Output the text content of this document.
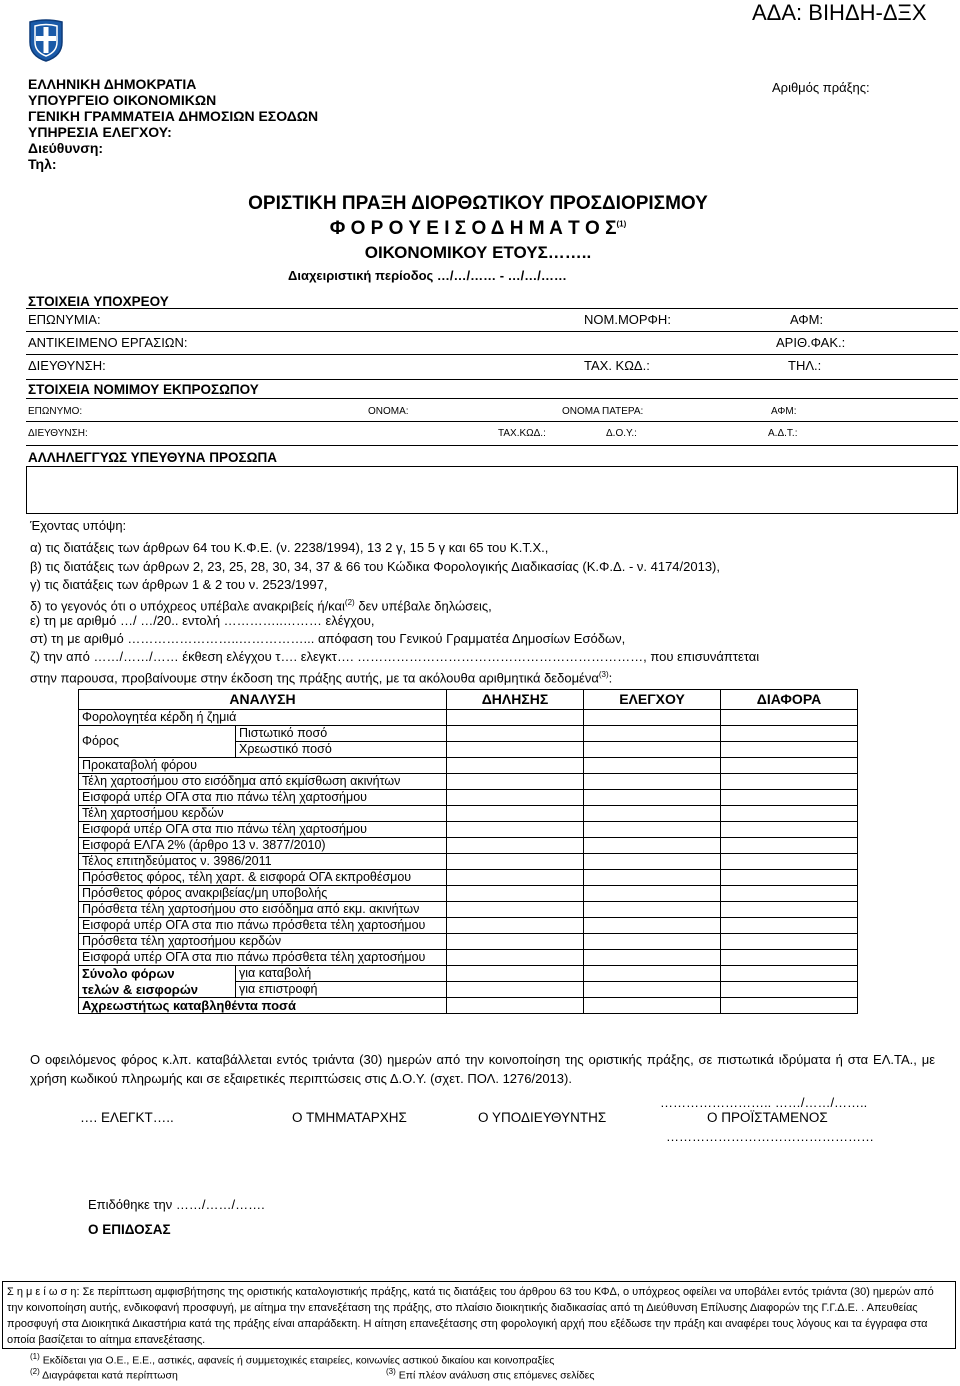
ΑΔΑ: ΒΙΗΔΗ-ΔΞΧ
ΕΛΛΗΝΙΚΗ ΔΗΜΟΚΡΑΤΙΑ
ΥΠΟΥΡΓΕΙΟ ΟΙΚΟΝΟΜΙΚΩΝ
ΓΕΝΙΚΗ ΓΡΑΜΜΑΤΕΙΑ ΔΗΜΟΣΙΩΝ ΕΣΟΔΩΝ
ΥΠΗΡΕΣΙΑ ΕΛΕΓΧΟΥ:
Διεύθυνση:
Τηλ:
Αριθμός πράξης:
ΟΡΙΣΤΙΚΗ ΠΡΑΞΗ ΔΙΟΡΘΩΤΙΚΟΥ ΠΡΟΣΔΙΟΡΙΣΜΟΥ
Φ Ο Ρ Ο Υ Ε Ι Σ Ο Δ Η Μ Α Τ Ο $\Sigma^{(1)}$
ΟΙΚΟΝΟΜΙΚΟΥ ΕΤΟΥΣ……..
Διαχειριστική περίοδος …/…/…… - …/…/……
ΣΤΟΙΧΕΙΑ ΥΠΟΧΡΕΟΥ
ΕΠΩΝΥΜΙΑ:	ΝΟΜ.ΜΟΡΦΗ:	ΑΦΜ:
ΑΝΤΙΚΕΙΜΕΝΟ ΕΡΓΑΣΙΩΝ:	ΑΡΙΘ.ΦΑΚ.:
ΔΙΕΥΘΥΝΣΗ:	ΤΑΧ. ΚΩΔ.:	ΤΗΛ.:
ΣΤΟΙΧΕΙΑ ΝΟΜΙΜΟΥ ΕΚΠΡΟΣΩΠΟΥ
ΕΠΩΝΥΜΟ:	ΟΝΟΜΑ:	ΟΝΟΜΑ ΠΑΤΕΡΑ:	ΑΦΜ:
ΔΙΕΥΘΥΝΣΗ:	ΤΑΧ.ΚΩΔ.:	Δ.Ο.Υ.:	Α.Δ.Τ.:
ΑΛΛΗΛΕΓΓΥΩΣ ΥΠΕΥΘΥΝΑ ΠΡΟΣΩΠΑ
Έχοντας υπόψη:
α) τις διατάξεις των άρθρων 64 του Κ.Φ.Ε. (ν. 2238/1994), 13 2 γ, 15 5 γ και 65 του Κ.Τ.Χ.,
β) τις διατάξεις των άρθρων 2, 23, 25, 28, 30, 34, 37 & 66 του Κώδικα Φορολογικής Διαδικασίας (Κ.Φ.Δ. - ν. 4174/2013),
γ) τις διατάξεις των άρθρων 1 & 2 του ν. 2523/1997,
δ) το γεγονός ότι ο υπόχρεος υπέβαλε ανακριβείς ή/και$^{(2)}$ δεν υπέβαλε δηλώσεις,
ε) τη με αριθμό …/ …/20.. εντολή …………..……… ελέγχου,
στ) τη με αριθμό ……………………..……………... απόφαση του Γενικού Γραμματέα Δημοσίων Εσόδων,
ζ) την από ……/……/…… έκθεση ελέγχου τ…. ελεγκτ…. …………………………………………………………, που επισυνάπτεται
στην παρουσα, προβαίνουμε στην έκδοση της πράξης αυτής, με τα ακόλουθα αριθμητικά δεδομένα$^{(3)}$:
ΑΝΑΛΥΣΗ		ΔΗΛΗΣΗΣ	ΕΛΕΓΧΟΥ	ΔΙΑΦΟΡΑ
Φορολογητέα κέρδη ή ζημιά				
Φόρος	Πιστωτικό ποσό			
	Χρεωστικό ποσό			
Προκαταβολή φόρου				
Τέλη χαρτοσήμου στο εισόδημα από εκμίσθωση ακινήτων				
Εισφορά υπέρ ΟΓΑ στα πιο πάνω τέλη χαρτοσήμου				
Τέλη χαρτοσήμου κερδών				
Εισφορά υπέρ ΟΓΑ στα πιο πάνω τέλη χαρτοσήμου				
Εισφορά ΕΛΓΑ 2% (άρθρο 13 ν. 3877/2010)				
Τέλος επιτηδεύματος ν. 3986/2011				
Πρόσθετος φόρος, τέλη χαρτ. & εισφορά ΟΓΑ εκπροθέσμου				
Πρόσθετος φόρος ανακριβείας/μη υποβολής				
Πρόσθετα τέλη χαρτοσήμου στο εισόδημα από εκμ. ακινήτων				
Εισφορά υπέρ ΟΓΑ στα πιο πάνω πρόσθετα τέλη χαρτοσήμου				
Πρόσθετα τέλη χαρτοσήμου κερδών				
Εισφορά υπέρ ΟΓΑ στα πιο πάνω πρόσθετα τέλη χαρτοσήμου				
Σύνολο φόρων	για καταβολή			
τελών & εισφορών	για επιστροφή			
Αχρεωστήτως καταβληθέντα ποσά				
Ο οφειλόμενος φόρος κ.λπ. καταβάλλεται εντός τριάντα (30) ημερών από την κοινοποίηση της οριστικής πράξης, σε πιστωτικά ιδρύματα ή στα ΕΛ.ΤΑ., με χρήση κωδικού πληρωμής και σε εξαιρετικές περιπτώσεις στις Δ.Ο.Υ. (σχετ. ΠΟΛ. 1276/2013).
…………………….. ……/……/……..
…. ΕΛΕΓΚΤ…..	Ο ΤΜΗΜΑΤΑΡΧΗΣ	Ο ΥΠΟΔΙΕΥΘΥΝΤΗΣ	Ο ΠΡΟΪΣΤΑΜΕΝΟΣ
…………………………………………
Επιδόθηκε την ……/……/…….
Ο ΕΠΙΔΟΣΑΣ
Σ η μ ε ί ω σ η: Σε περίπτωση αμφισβήτησης της οριστικής καταλογιστικής πράξης, κατά τις διατάξεις του άρθρου 63 του ΚΦΔ, ο υπόχρεος οφείλει να υποβάλει εντός τριάντα (30) ημερών από την κοινοποίηση αυτής, ενδικοφανή προσφυγή, με αίτημα την επανεξέταση της πράξης, στο πλαίσιο διοικητικής διαδικασίας από τη Διεύθυνση Επίλυσης Διαφορών της Γ.Γ.Δ.Ε. . Απευθείας προσφυγή στα Διοικητικά Δικαστήρια κατά της πράξης είναι απαράδεκτη. Η αίτηση επανεξέτασης στη φορολογική αρχή που εξέδωσε την πράξη και αναφέρει τους λόγους και τα έγγραφα στα οποία βασίζεται το αίτημα επανεξέτασης.
$^{(1)}$ Εκδίδεται για Ο.Ε., Ε.Ε., αστικές, αφανείς ή συμμετοχικές εταιρείες, κοινωνίες αστικού δικαίου και κοινοπραξίες
$^{(2)}$ Διαγράφεται κατά περίπτωση	$^{(3)}$ Επί πλέον ανάλυση στις επόμενες σελίδες
